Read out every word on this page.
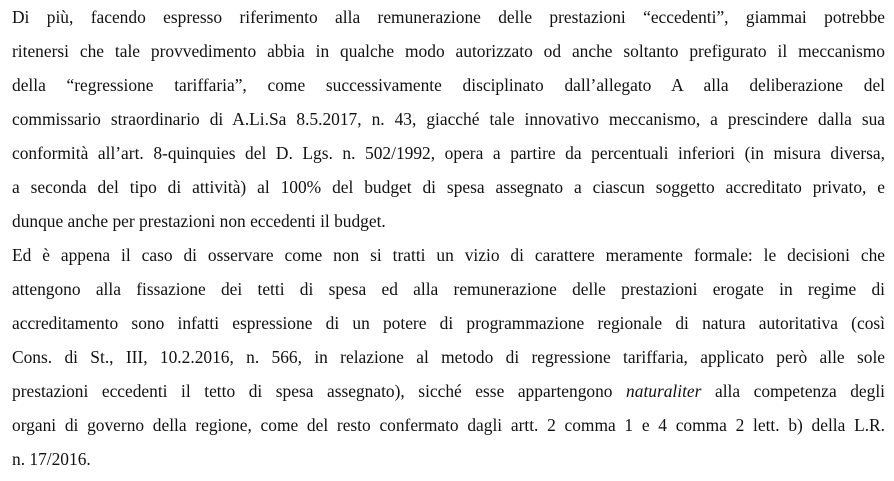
Di più, facendo espresso riferimento alla remunerazione delle prestazioni “eccedenti”, giammai potrebbe
ritenersi che tale provvedimento abbia in qualche modo autorizzato od anche soltanto prefigurato il meccanismo
della “regressione tariffaria”, come successivamente disciplinato dall’allegato A alla deliberazione del
commissario straordinario di A.Li.Sa 8.5.2017, n. 43, giacché tale innovativo meccanismo, a prescindere dalla sua
conformità all’art. 8-quinquies del D. Lgs. n. 502/1992, opera a partire da percentuali inferiori (in misura diversa,
a seconda del tipo di attività) al 100% del budget di spesa assegnato a ciascun soggetto accreditato privato, e
dunque anche per prestazioni non eccedenti il budget.
Ed è appena il caso di osservare come non si tratti un vizio di carattere meramente formale: le decisioni che
attengono alla fissazione dei tetti di spesa ed alla remunerazione delle prestazioni erogate in regime di
accreditamento sono infatti espressione di un potere di programmazione regionale di natura autoritativa (così
Cons. di St., III, 10.2.2016, n. 566, in relazione al metodo di regressione tariffaria, applicato però alle sole
prestazioni eccedenti il tetto di spesa assegnato), sicché esse appartengono naturaliter alla competenza degli
organi di governo della regione, come del resto confermato dagli artt. 2 comma 1 e 4 comma 2 lett. b) della L.R.
n. 17/2016.
